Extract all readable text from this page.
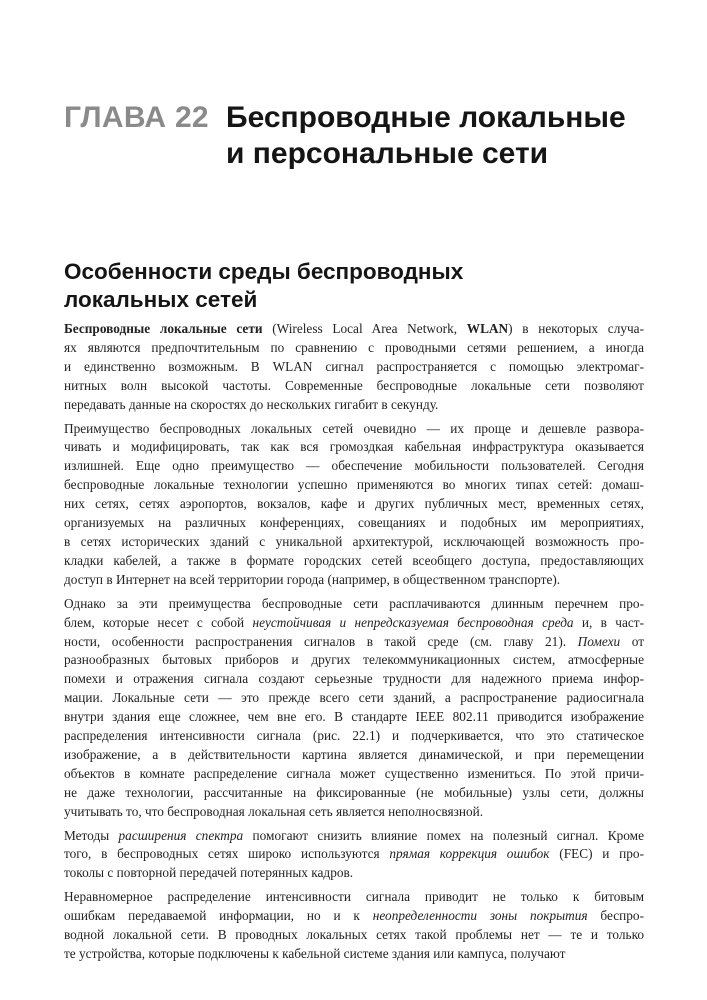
ГЛАВА 22 Беспроводные локальные
и персональные сети
Особенности среды беспроводных
локальных сетей
Беспроводные локальные сети (Wireless Local Area Network, WLAN) в некоторых случа-
ях являются предпочтительным по сравнению с проводными сетями решением, а иногда
и единственно возможным. В WLAN сигнал распространяется с помощью электромаг-
нитных волн высокой частоты. Современные беспроводные локальные сети позволяют
передавать данные на скоростях до нескольких гигабит в секунду.
Преимущество беспроводных локальных сетей очевидно — их проще и дешевле развора-
чивать и модифицировать, так как вся громоздкая кабельная инфраструктура оказывается
излишней. Еще одно преимущество — обеспечение мобильности пользователей. Сегодня
беспроводные локальные технологии успешно применяются во многих типах сетей: домаш-
них сетях, сетях аэропортов, вокзалов, кафе и других публичных мест, временных сетях,
организуемых на различных конференциях, совещаниях и подобных им мероприятиях,
в сетях исторических зданий с уникальной архитектурой, исключающей возможность про-
кладки кабелей, а также в формате городских сетей всеобщего доступа, предоставляющих
доступ в Интернет на всей территории города (например, в общественном транспорте).
Однако за эти преимущества беспроводные сети расплачиваются длинным перечнем про-
блем, которые несет с собой неустойчивая и непредсказуемая беспроводная среда и, в част-
ности, особенности распространения сигналов в такой среде (см. главу 21). Помехи от
разнообразных бытовых приборов и других телекоммуникационных систем, атмосферные
помехи и отражения сигнала создают серьезные трудности для надежного приема инфор-
мации. Локальные сети — это прежде всего сети зданий, а распространение радиосигнала
внутри здания еще сложнее, чем вне его. В стандарте IEEE 802.11 приводится изображение
распределения интенсивности сигнала (рис. 22.1) и подчеркивается, что это статическое
изображение, а в действительности картина является динамической, и при перемещении
объектов в комнате распределение сигнала может существенно измениться. По этой причи-
не даже технологии, рассчитанные на фиксированные (не мобильные) узлы сети, должны
учитывать то, что беспроводная локальная сеть является неполносвязной.
Методы расширения спектра помогают снизить влияние помех на полезный сигнал. Кроме
того, в беспроводных сетях широко используются прямая коррекция ошибок (FEC) и про-
токолы с повторной передачей потерянных кадров.
Неравномерное распределение интенсивности сигнала приводит не только к битовым
ошибкам передаваемой информации, но и к неопределенности зоны покрытия беспро-
водной локальной сети. В проводных локальных сетях такой проблемы нет — те и только
те устройства, которые подключены к кабельной системе здания или кампуса, получают
